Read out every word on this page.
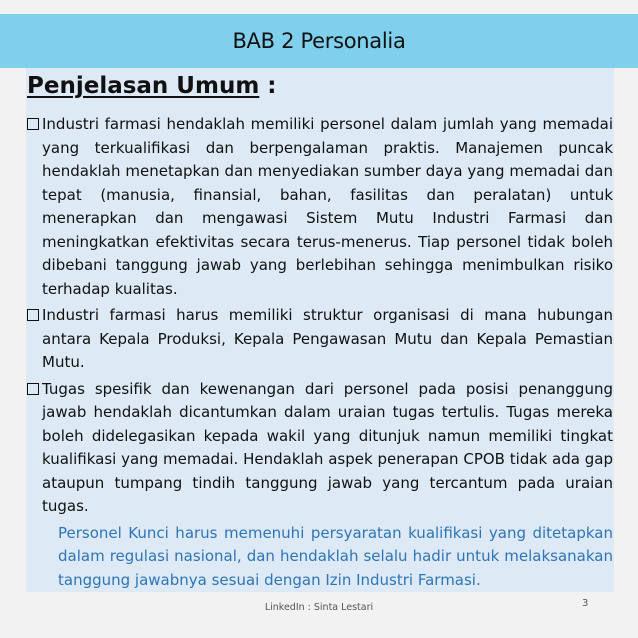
BAB 2 Personalia
Penjelasan Umum :
Industri farmasi hendaklah memiliki personel dalam jumlah yang memadai yang terkualifikasi dan berpengalaman praktis. Manajemen puncak hendaklah menetapkan dan menyediakan sumber daya yang memadai dan tepat (manusia, finansial, bahan, fasilitas dan peralatan) untuk menerapkan dan mengawasi Sistem Mutu Industri Farmasi dan meningkatkan efektivitas secara terus-menerus. Tiap personel tidak boleh dibebani tanggung jawab yang berlebihan sehingga menimbulkan risiko terhadap kualitas.
Industri farmasi harus memiliki struktur organisasi di mana hubungan antara Kepala Produksi, Kepala Pengawasan Mutu dan Kepala Pemastian Mutu.
Tugas spesifik dan kewenangan dari personel pada posisi penanggung jawab hendaklah dicantumkan dalam uraian tugas tertulis. Tugas mereka boleh didelegasikan kepada wakil yang ditunjuk namun memiliki tingkat kualifikasi yang memadai. Hendaklah aspek penerapan CPOB tidak ada gap ataupun tumpang tindih tanggung jawab yang tercantum pada uraian tugas.
Personel Kunci harus memenuhi persyaratan kualifikasi yang ditetapkan dalam regulasi nasional, dan hendaklah selalu hadir untuk melaksanakan tanggung jawabnya sesuai dengan Izin Industri Farmasi.
LinkedIn : Sinta Lestari	3
